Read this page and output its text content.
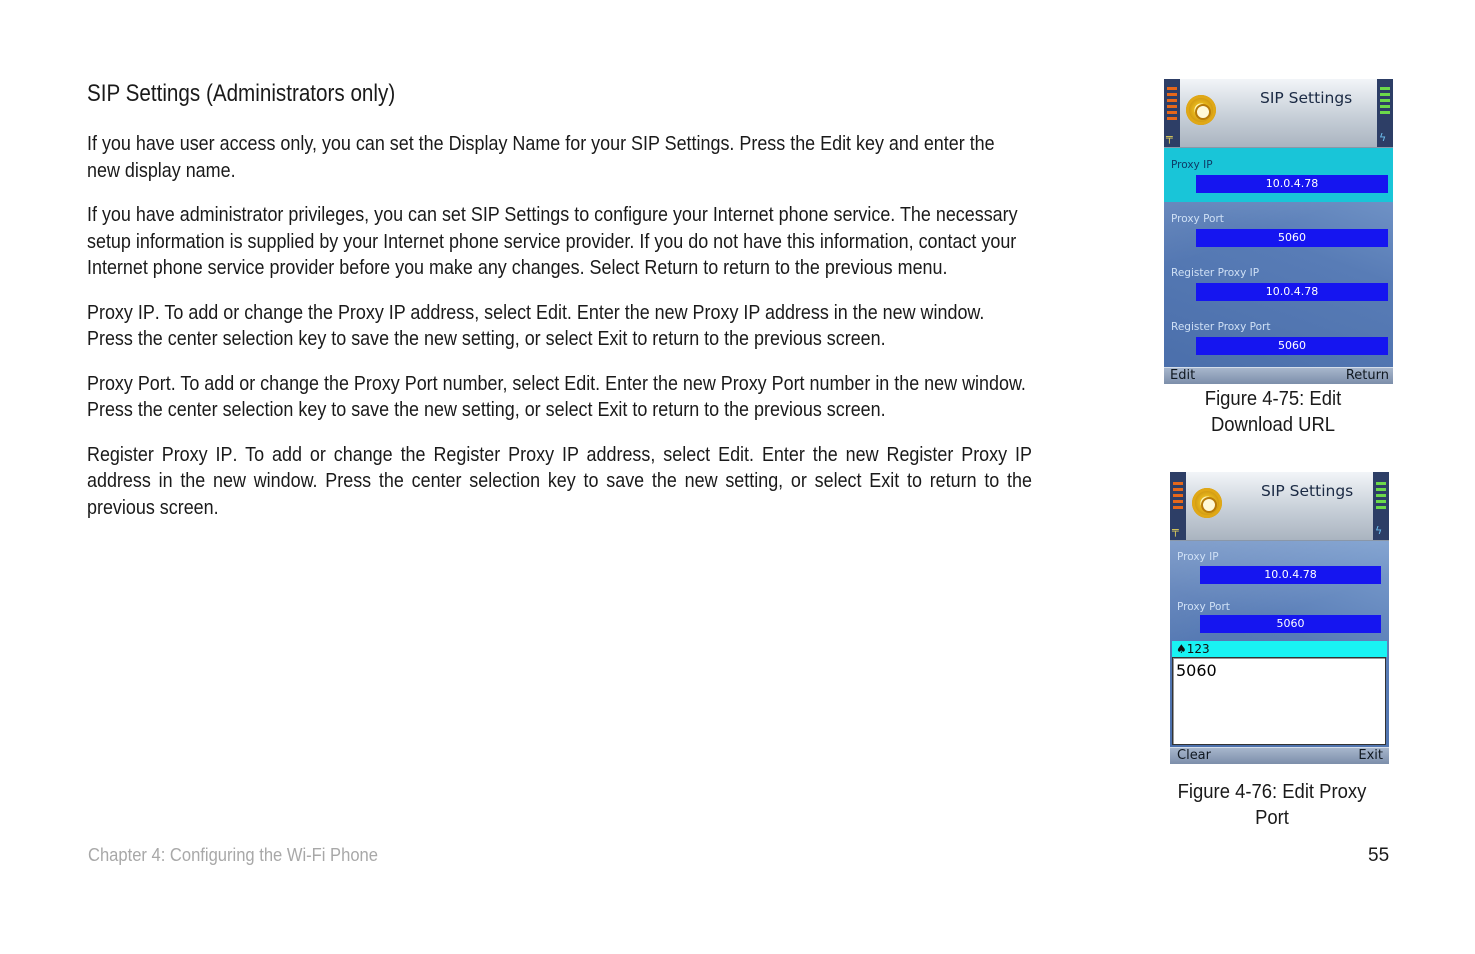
SIP Settings (Administrators only)

If you have user access only, you can set the Display Name for your SIP Settings. Press the Edit key and enter the new display name.

If you have administrator privileges, you can set SIP Settings to configure your Internet phone service. The necessary setup information is supplied by your Internet phone service provider. If you do not have this information, contact your Internet phone service provider before you make any changes. Select Return to return to the previous menu.

Proxy IP. To add or change the Proxy IP address, select Edit. Enter the new Proxy IP address in the new window. Press the center selection key to save the new setting, or select Exit to return to the previous screen.

Proxy Port. To add or change the Proxy Port number, select Edit. Enter the new Proxy Port number in the new window. Press the center selection key to save the new setting, or select Exit to return to the previous screen.

Register Proxy IP. To add or change the Register Proxy IP address, select Edit. Enter the new Register Proxy IP address in the new window. Press the center selection key to save the new setting, or select Exit to return to the previous screen.

╤
SIP Settings
ϟ
Proxy IP
10.0.4.78
Proxy Port
5060
Register Proxy IP
10.0.4.78
Register Proxy Port
5060
Edit	Return
Figure 4-75: Edit
Download URL
╤
SIP Settings
ϟ
Proxy IP
10.0.4.78
Proxy Port
5060
♠123
5060
Clear	Exit
Figure 4-76: Edit Proxy
Port
Chapter 4: Configuring the Wi-Fi Phone	55
